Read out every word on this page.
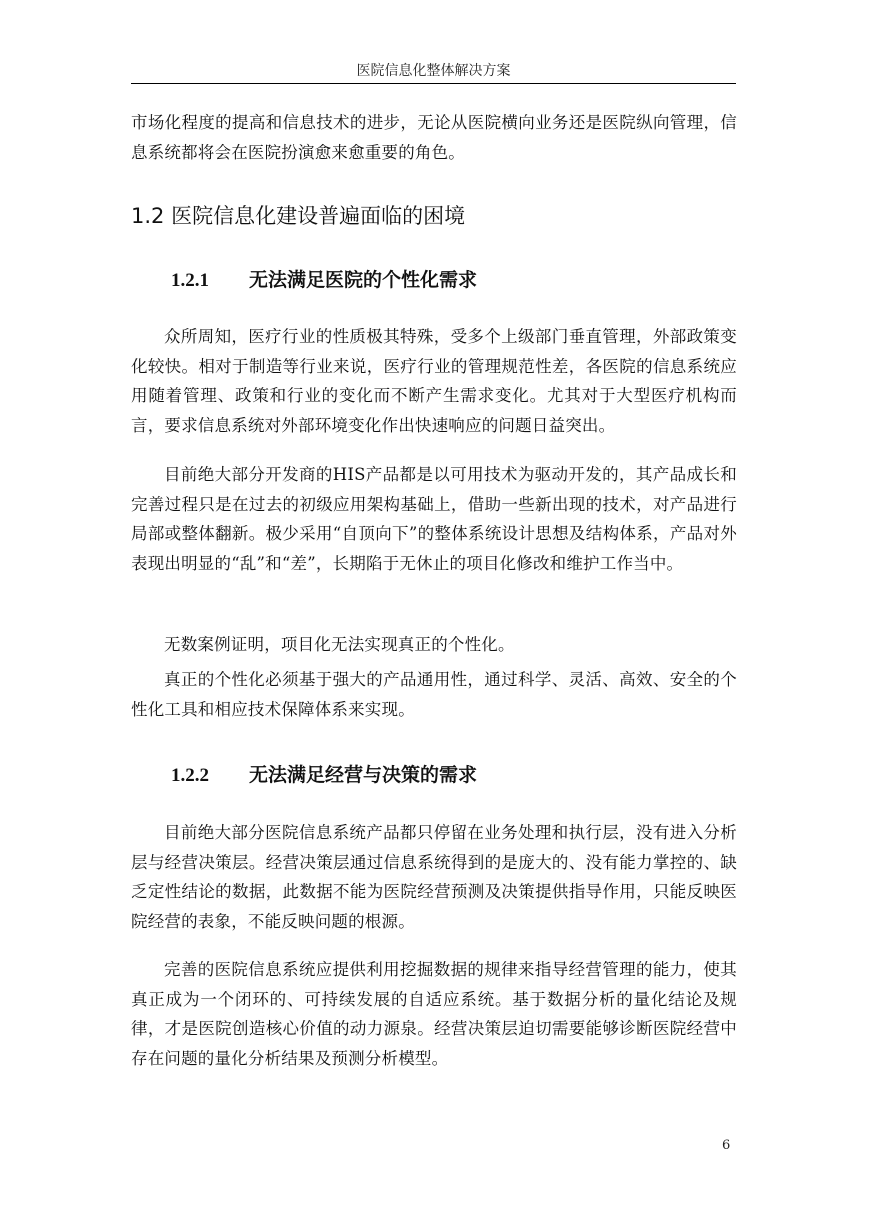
医院信息化整体解决方案

市场化程度的提高和信息技术的进步，无论从医院横向业务还是医院纵向管理，信息系统都将会在医院扮演愈来愈重要的角色。

1.2 医院信息化建设普遍面临的困境
1.2.1 无法满足医院的个性化需求

众所周知，医疗行业的性质极其特殊，受多个上级部门垂直管理，外部政策变化较快。相对于制造等行业来说，医疗行业的管理规范性差，各医院的信息系统应用随着管理、政策和行业的变化而不断产生需求变化。尤其对于大型医疗机构而言，要求信息系统对外部环境变化作出快速响应的问题日益突出。

目前绝大部分开发商的HIS产品都是以可用技术为驱动开发的，其产品成长和完善过程只是在过去的初级应用架构基础上，借助一些新出现的技术，对产品进行局部或整体翻新。极少采用“自顶向下”的整体系统设计思想及结构体系，产品对外表现出明显的“乱”和“差”，长期陷于无休止的项目化修改和维护工作当中。

无数案例证明，项目化无法实现真正的个性化。

真正的个性化必须基于强大的产品通用性，通过科学、灵活、高效、安全的个性化工具和相应技术保障体系来实现。

1.2.2 无法满足经营与决策的需求

目前绝大部分医院信息系统产品都只停留在业务处理和执行层，没有进入分析层与经营决策层。经营决策层通过信息系统得到的是庞大的、没有能力掌控的、缺乏定性结论的数据，此数据不能为医院经营预测及决策提供指导作用，只能反映医院经营的表象，不能反映问题的根源。

完善的医院信息系统应提供利用挖掘数据的规律来指导经营管理的能力，使其真正成为一个闭环的、可持续发展的自适应系统。基于数据分析的量化结论及规律，才是医院创造核心价值的动力源泉。经营决策层迫切需要能够诊断医院经营中存在问题的量化分析结果及预测分析模型。

6
